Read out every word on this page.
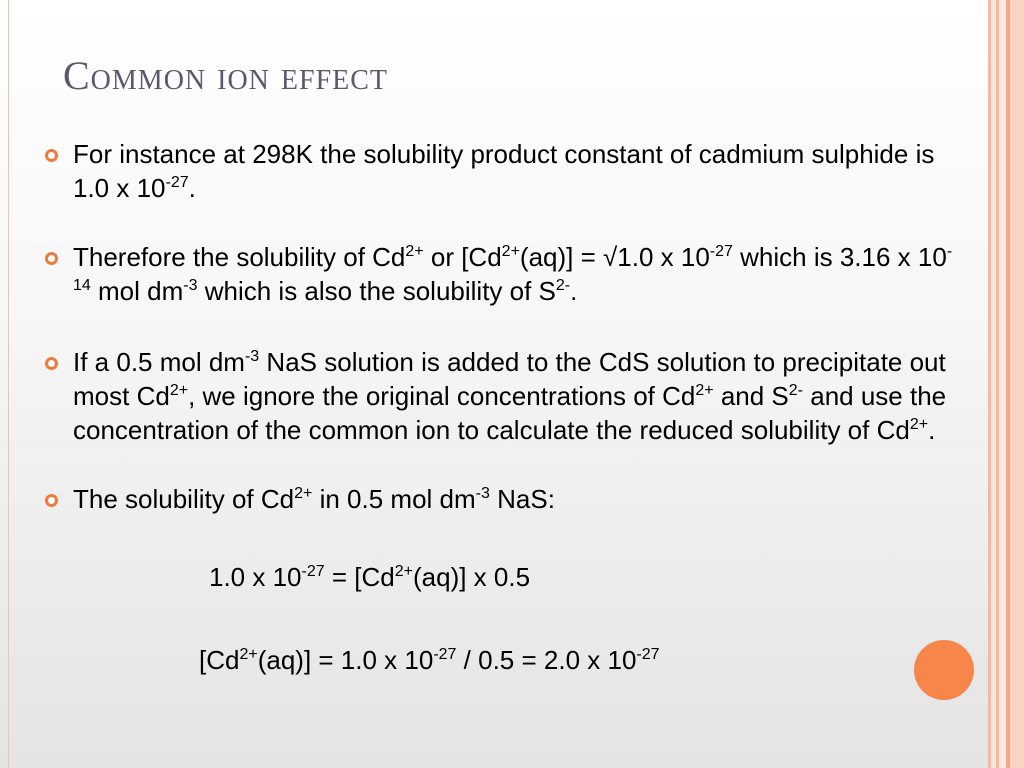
Common ion effect

For instance at 298K the solubility product constant of cadmium sulphide is 1.0 x $10^{-27}$.

Therefore the solubility of $Cd^{2+}$ or $[Cd^{2+}(aq)] = √1.0$ x $10^{-27}$ which is 3.16 x $10^{-14}$ mol $dm^{-3}$ which is also the solubility of $S^{2-}$.

If a 0.5 mol $dm^{-3}$ NaS solution is added to the CdS solution to precipitate out most $Cd^{2+}$, we ignore the original concentrations of $Cd^{2+}$ and $S^{2-}$ and use the concentration of the common ion to calculate the reduced solubility of $Cd^{2+}$.

The solubility of $Cd^{2+}$ in 0.5 mol $dm^{-3}$ NaS:

1.0 x $10^{-27} = [Cd^{2+}(aq)]$ x 0.5
$[Cd^{2+}(aq)] = 1.0$ x $10^{-27} / 0.5 = 2.0$ x $10^{-27}$
